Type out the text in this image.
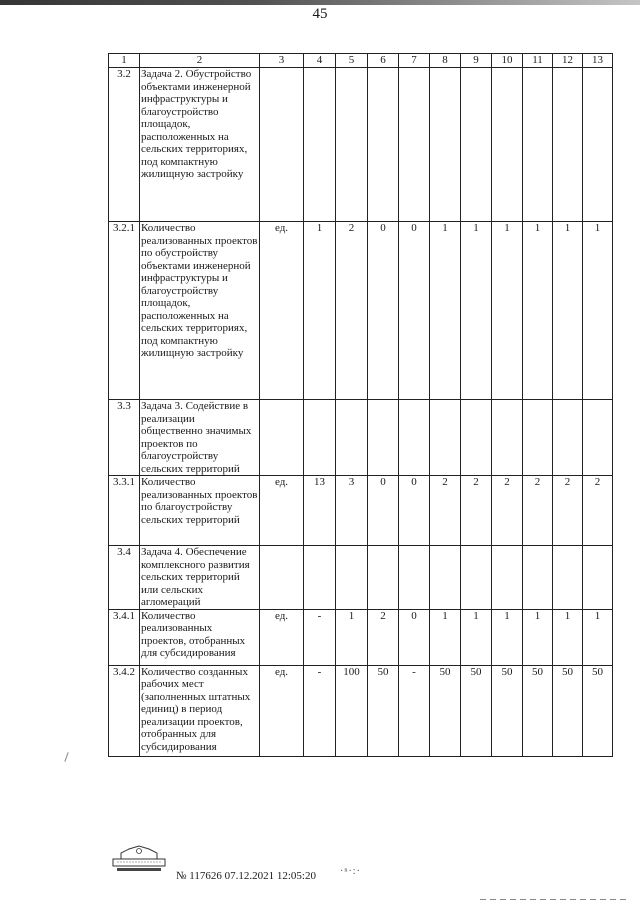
45
1	2	3	4	5	6	7	8	9	10	11	12	13
3.2	Задача 2. Обустройство объектами инженерной инфраструктуры и благоустройство площадок, расположенных на сельских территориях, под компактную жилищную застройку											
3.2.1	Количество реализованных проектов по обустройству объектами инженерной инфраструктуры и благоустройству площадок, расположенных на сельских территориях, под компактную жилищную застройку	ед.	1	2	0	0	1	1	1	1	1	1
3.3	Задача 3. Содействие в реализации общественно значимых проектов по благоустройству сельских территорий											
3.3.1	Количество реализованных проектов по благоустройству сельских территорий	ед.	13	3	0	0	2	2	2	2	2	2
3.4	Задача 4. Обеспечение комплексного развития сельских территорий или сельских агломераций											
3.4.1	Количество реализованных проектов, отобранных для субсидирования	ед.	-	1	2	0	1	1	1	1	1	1
3.4.2	Количество созданных рабочих мест (заполненных штатных единиц) в период реализации проектов, отобранных для субсидирования	ед.	-	100	50	-	50	50	50	50	50	50
№ 117626 07.12.2021 12:05:20 ·ⁿ·:·
